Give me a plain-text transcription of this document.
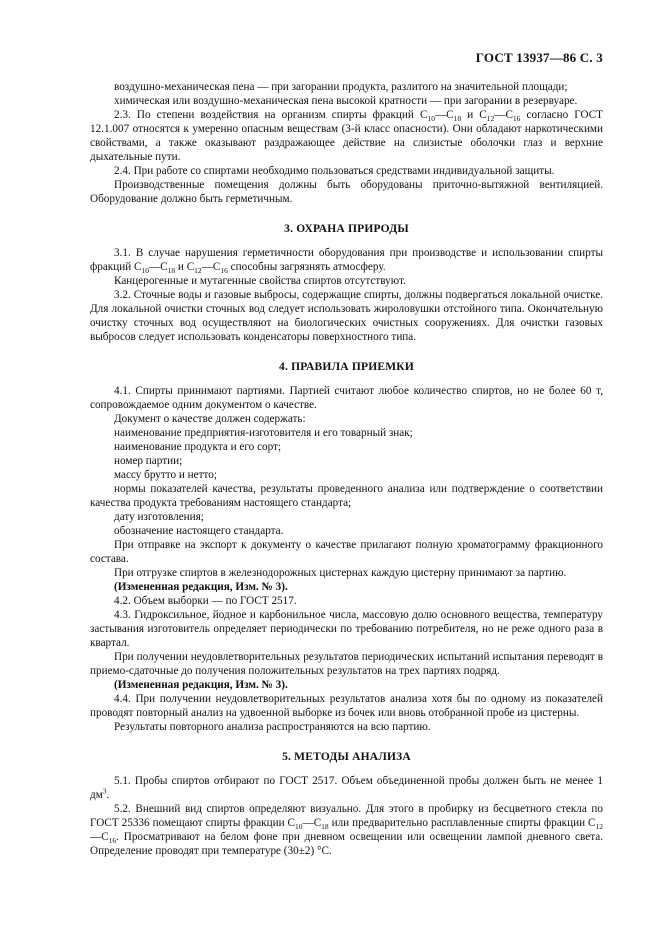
ГОСТ 13937—86 С. 3

воздушно-механическая пена — при загорании продукта, разлитого на значительной площади;

химическая или воздушно-механическая пена высокой кратности — при загорании в резервуаре.

2.3. По степени воздействия на организм спирты фракций $С_{10}—С_{18}$ и $С_{12}—С_{16}$ согласно ГОСТ 12.1.007 относятся к умеренно опасным веществам (3-й класс опасности). Они обладают наркотическими свойствами, а также оказывают раздражающее действие на слизистые оболочки глаз и верхние дыхательные пути.

2.4. При работе со спиртами необходимо пользоваться средствами индивидуальной защиты.

Производственные помещения должны быть оборудованы приточно-вытяжной вентиляцией. Оборудование должно быть герметичным.

3. ОХРАНА ПРИРОДЫ

3.1. В случае нарушения герметичности оборудования при производстве и использовании спирты фракций $С_{10}—С_{18}$ и $С_{12}—С_{16}$ способны загрязнять атмосферу.

Канцерогенные и мутагенные свойства спиртов отсутствуют.

3.2. Сточные воды и газовые выбросы, содержащие спирты, должны подвергаться локальной очистке. Для локальной очистки сточных вод следует использовать жироловушки отстойного типа. Окончательную очистку сточных вод осуществляют на биологических очистных сооружениях. Для очистки газовых выбросов следует использовать конденсаторы поверхностного типа.

4. ПРАВИЛА ПРИЕМКИ

4.1. Спирты принимают партиями. Партией считают любое количество спиртов, но не более 60 т, сопровождаемое одним документом о качестве.

Документ о качестве должен содержать:

наименование предприятия-изготовителя и его товарный знак;

наименование продукта и его сорт;

номер партии;

массу брутто и нетто;

нормы показателей качества, результаты проведенного анализа или подтверждение о соответствии качества продукта требованиям настоящего стандарта;

дату изготовления;

обозначение настоящего стандарта.

При отправке на экспорт к документу о качестве прилагают полную хроматограмму фракционного состава.

При отгрузке спиртов в железнодорожных цистернах каждую цистерну принимают за партию.

(Измененная редакция, Изм. № 3).

4.2. Объем выборки — по ГОСТ 2517.

4.3. Гидроксильное, йодное и карбонильное числа, массовую долю основного вещества, температуру застывания изготовитель определяет периодически по требованию потребителя, но не реже одного раза в квартал.

При получении неудовлетворительных результатов периодических испытаний испытания переводят в приемо-сдаточные до получения положительных результатов на трех партиях подряд.

(Измененная редакция, Изм. № 3).

4.4. При получении неудовлетворительных результатов анализа хотя бы по одному из показателей проводят повторный анализ на удвоенной выборке из бочек или вновь отобранной пробе из цистерны.

Результаты повторного анализа распространяются на всю партию.

5. МЕТОДЫ АНАЛИЗА

5.1. Пробы спиртов отбирают по ГОСТ 2517. Объем объединенной пробы должен быть не менее 1 $дм^3$.

5.2. Внешний вид спиртов определяют визуально. Для этого в пробирку из бесцветного стекла по ГОСТ 25336 помещают спирты фракции $С_{10}—С_{18}$ или предварительно расплавленные спирты фракции $С_{12}—С_{16}$. Просматривают на белом фоне при дневном освещении или освещении лампой дневного света. Определение проводят при температуре (30±2) °С.
